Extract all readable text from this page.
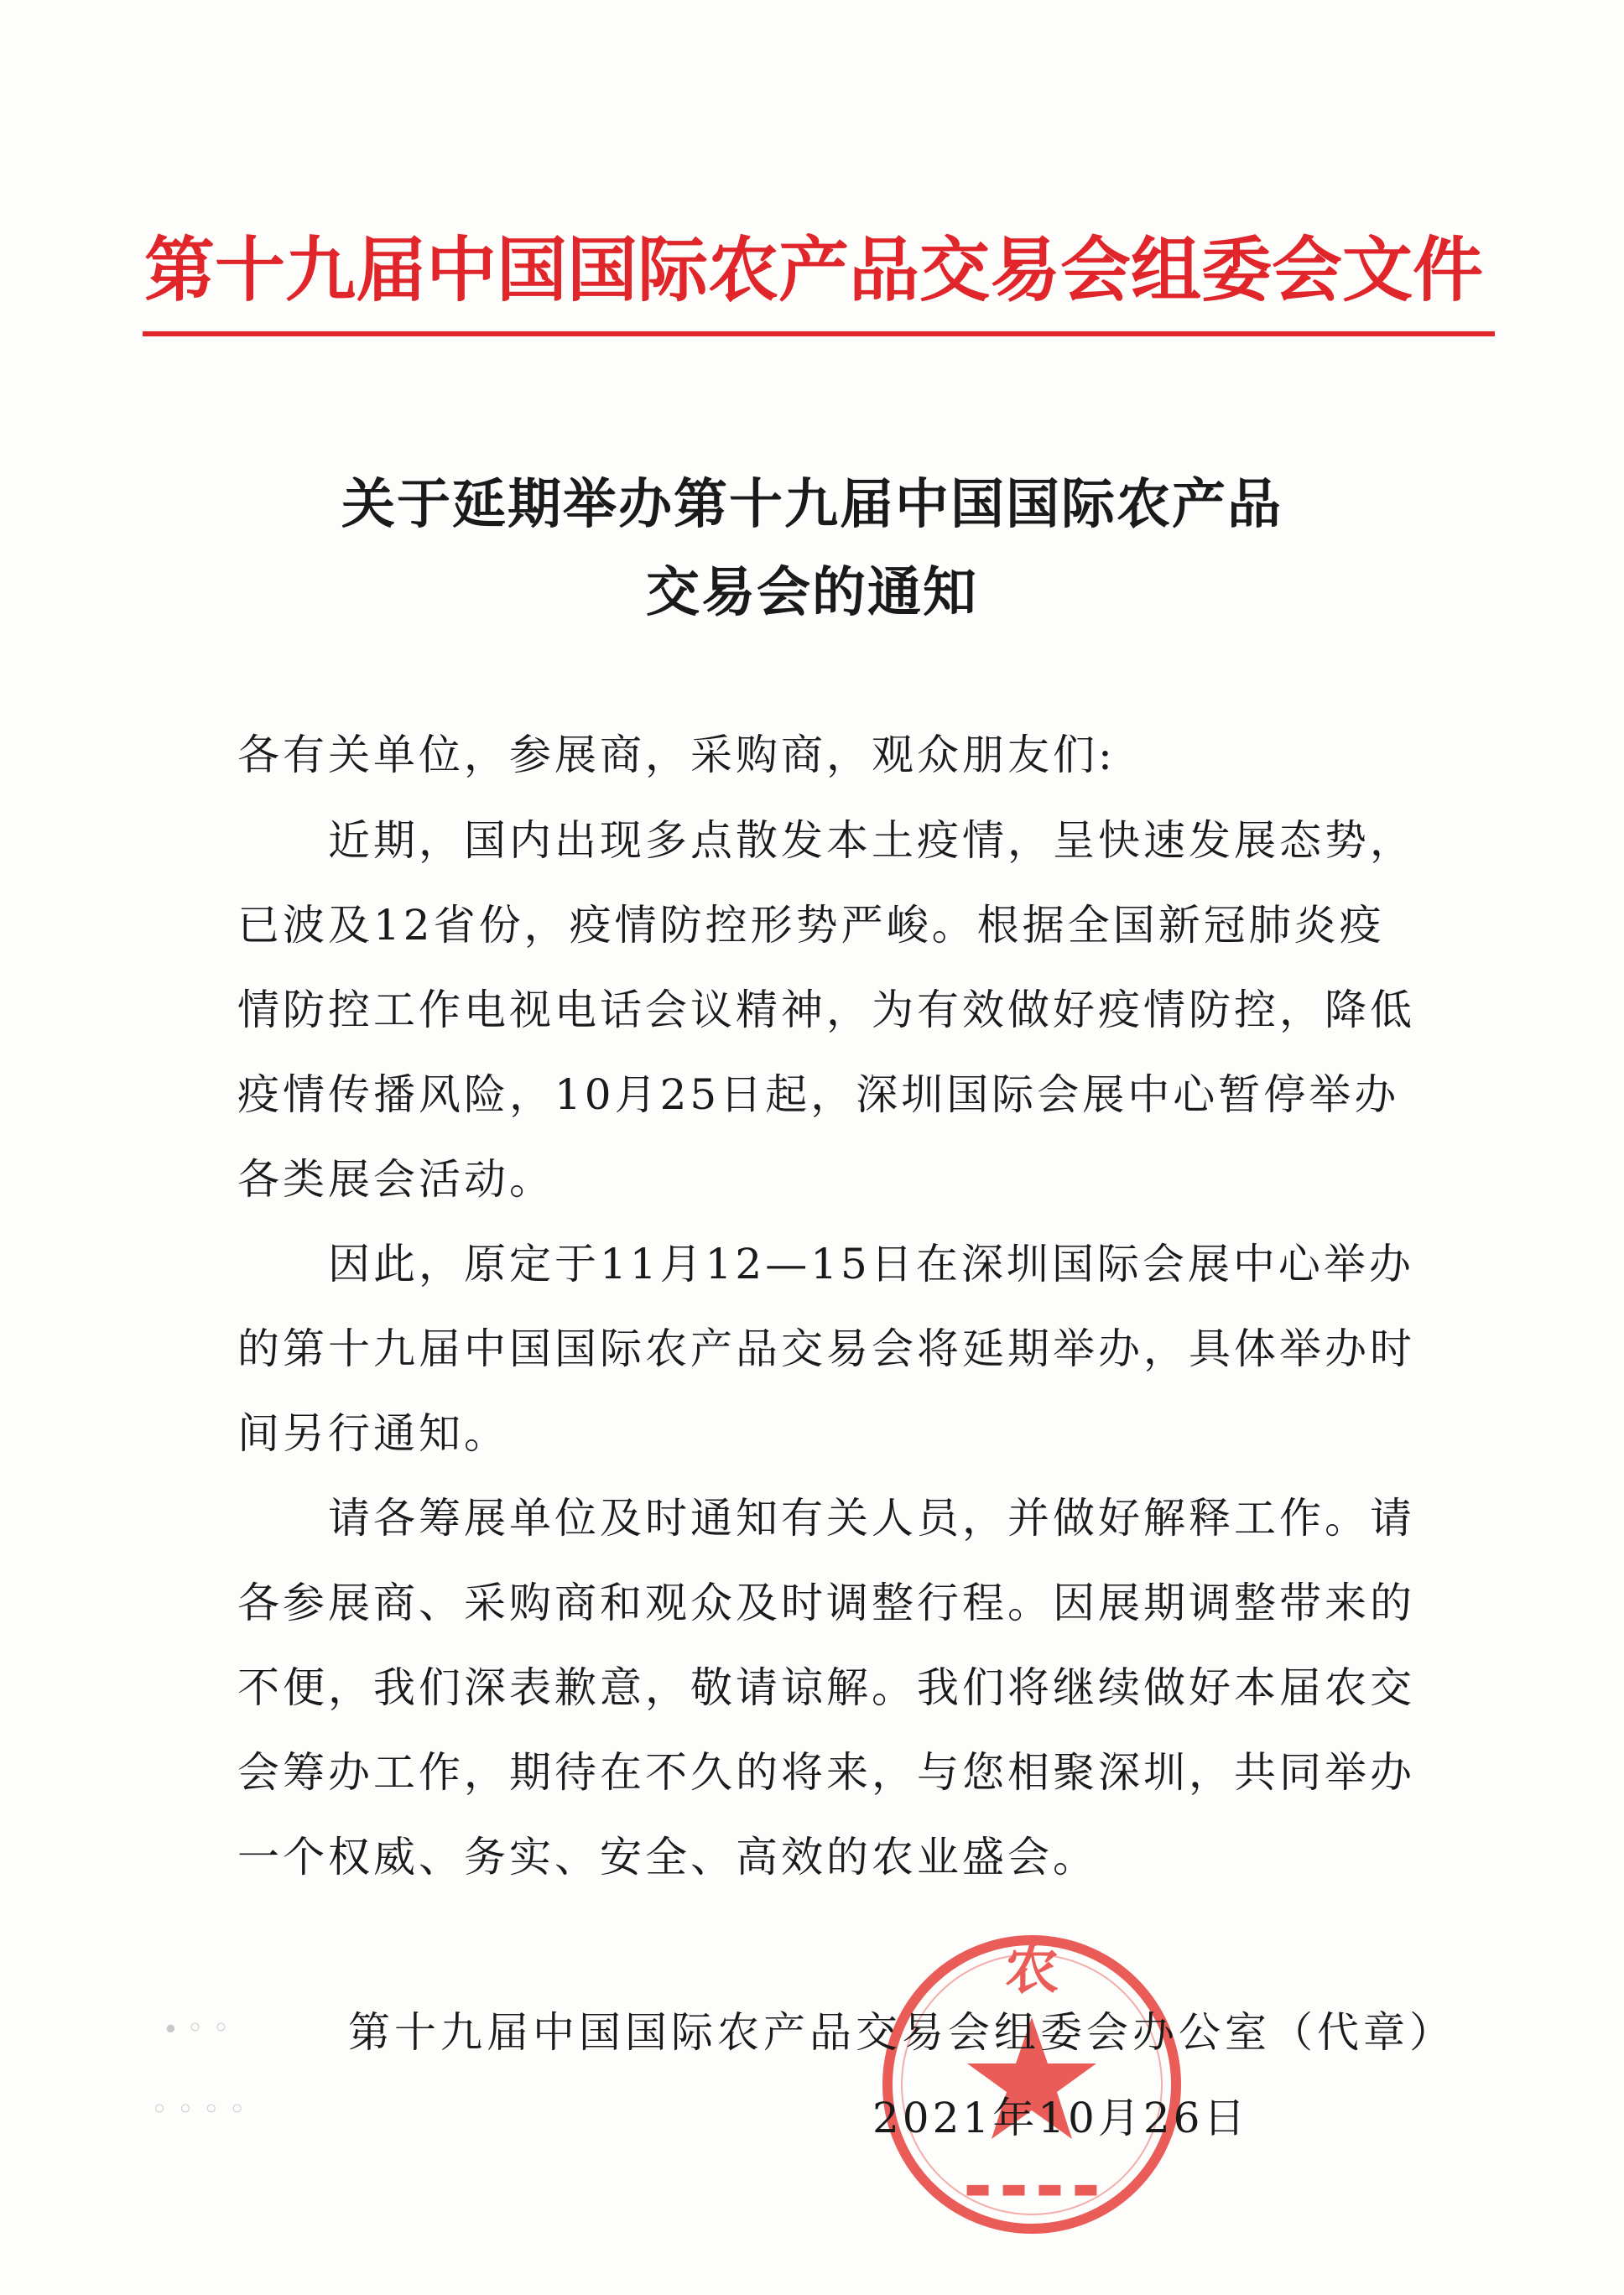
第十九届中国国际农产品交易会组委会文件
关于延期举办第十九届中国国际农产品
交易会的通知
各有关单位，参展商，采购商，观众朋友们:
　　近期，国内出现多点散发本土疫情，呈快速发展态势，
已波及12省份，疫情防控形势严峻。根据全国新冠肺炎疫
情防控工作电视电话会议精神，为有效做好疫情防控，降低
疫情传播风险，10月25日起，深圳国际会展中心暂停举办
各类展会活动。
　　因此，原定于11月12—15日在深圳国际会展中心举办
的第十九届中国国际农产品交易会将延期举办，具体举办时
间另行通知。
　　请各筹展单位及时通知有关人员，并做好解释工作。请
各参展商、采购商和观众及时调整行程。因展期调整带来的
不便，我们深表歉意，敬请谅解。我们将继续做好本届农交
会筹办工作，期待在不久的将来，与您相聚深圳，共同举办
一个权威、务实、安全、高效的农业盛会。
∙ ◦ ◦
◦ ◦ ◦ ◦
农
▬ ▬ ▬ ▬
第十九届中国国际农产品交易会组委会办公室（代章）
2021年10月26日
